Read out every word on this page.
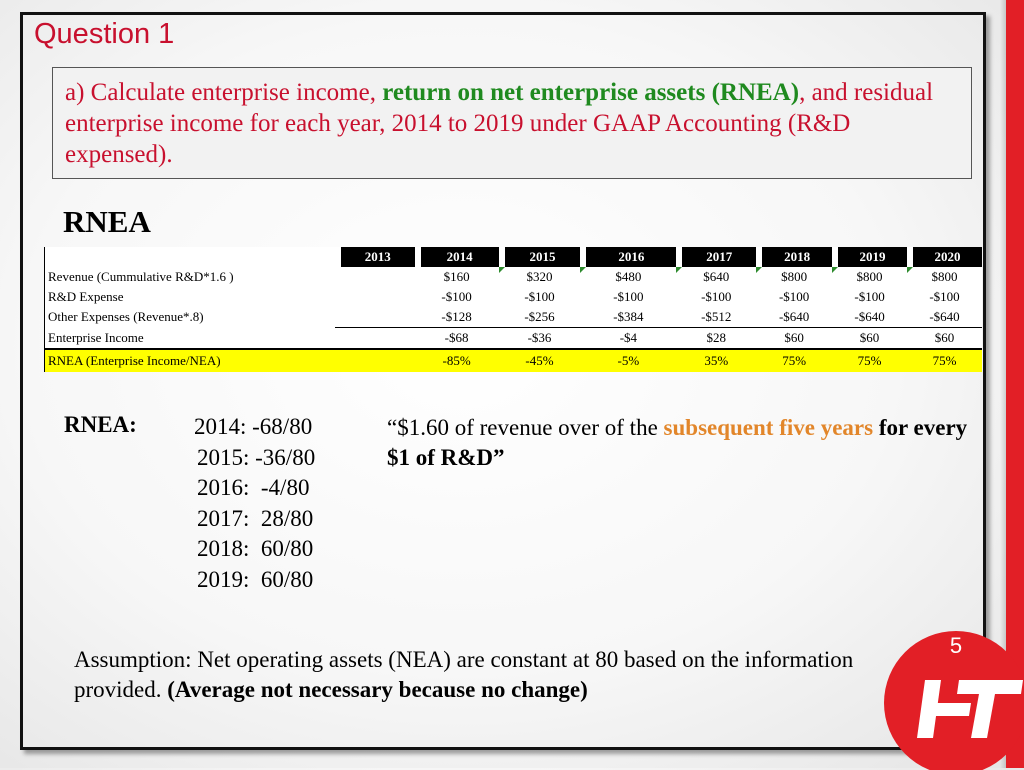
Question 1
a) Calculate enterprise income, return on net enterprise assets (RNEA), and residual enterprise income for each year, 2014 to 2019 under GAAP Accounting (R&D expensed).
RNEA
	2013	2014	2015	2016	2017	2018	2019	2020
Revenue (Cummulative R&D*1.6 )		$160	$320	$480	$640	$800	$800	$800
R&D Expense		-$100	-$100	-$100	-$100	-$100	-$100	-$100
Other Expenses (Revenue*.8)		-$128	-$256	-$384	-$512	-$640	-$640	-$640
Enterprise Income		-$68	-$36	-$4	$28	$60	$60	$60
RNEA (Enterprise Income/NEA)		-85%	-45%	-5%	35%	75%	75%	75%
RNEA: 2014: -68/80
2015: -36/80
2016:  -4/80
2017:  28/80
2018:  60/80
2019:  60/80
“$1.60 of revenue over of the subsequent five years for every $1 of R&D”
Assumption: Net operating assets (NEA) are constant at 80 based on the information provided. (Average not necessary because no change)
5
